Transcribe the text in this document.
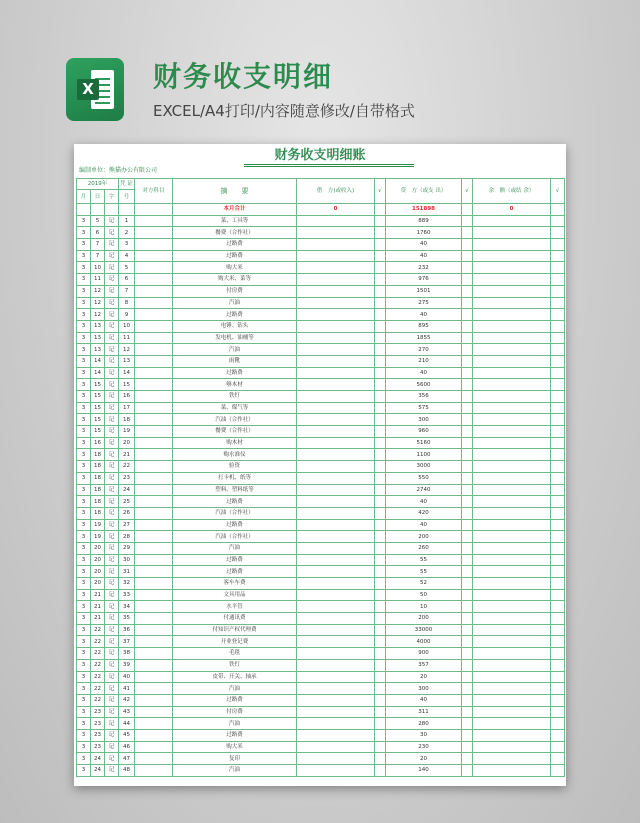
X 财务收支明细
EXCEL/A4打印/内容随意修改/自带格式
财务收支明细账
编制单位：熊猫办公有限公司
2019年			凭 证	对方科目	摘　　要	借　方(或收入)	√	贷　方（或支 出）	√	余　额（或结 余）	√
月	日	字	号								
					本月合计	0		151898		0	
3	5	记	1		菜、工具等			889			
3	6	记	2		餐费（合作社）			1760			
3	7	记	3		过路费			40			
3	7	记	4		过路费			40			
3	10	记	5		购大米			232			
3	11	记	6		购大米、菜等			976			
3	12	记	7		付房费			1501			
3	12	记	8		汽油			275			
3	12	记	9		过路费			40			
3	13	记	10		电锤、钻头			895			
3	13	记	11		发电机、油桶等			1855			
3	13	记	12		汽油			270			
3	14	记	13		雨靴			210			
3	14	记	14		过路费			40			
3	15	记	15		够木材			5600			
3	15	记	16		铁钉			356			
3	15	记	17		菜、煤气等			575			
3	15	记	18		汽油（合作社）			300			
3	15	记	19		餐费（合作社）			960			
3	16	记	20		购木材			5160			
3	18	记	21		购水准仪			1100			
3	18	记	22		验资			3000			
3	18	记	23		打卡机、纸等			550			
3	18	记	24		塑料、塑料纸等			2740			
3	18	记	25		过路费			40			
3	18	记	26		汽油（合作社）			420			
3	19	记	27		过路费			40			
3	19	记	28		汽油（合作社）			200			
3	20	记	29		汽油			260			
3	20	记	30		过路费			55			
3	20	记	31		过路费			55			
3	20	记	32		客车车费			52			
3	21	记	33		文具用品			50			
3	21	记	34		水平管			10			
3	21	记	35		付通讯费			200			
3	22	记	36		付知识产权代理费			33000			
3	22	记	37		开业登记费			4000			
3	22	记	38		毛毯			900			
3	22	记	39		铁钉			357			
3	22	记	40		皮带、开关、轴承			20			
3	22	记	41		汽油			300			
3	22	记	42		过路费			40			
3	23	记	43		付房费			311			
3	23	记	44		汽油			280			
3	23	记	45		过路费			30			
3	23	记	46		购大米			230			
3	24	记	47		复印			20			
3	24	记	48		汽油			140			
